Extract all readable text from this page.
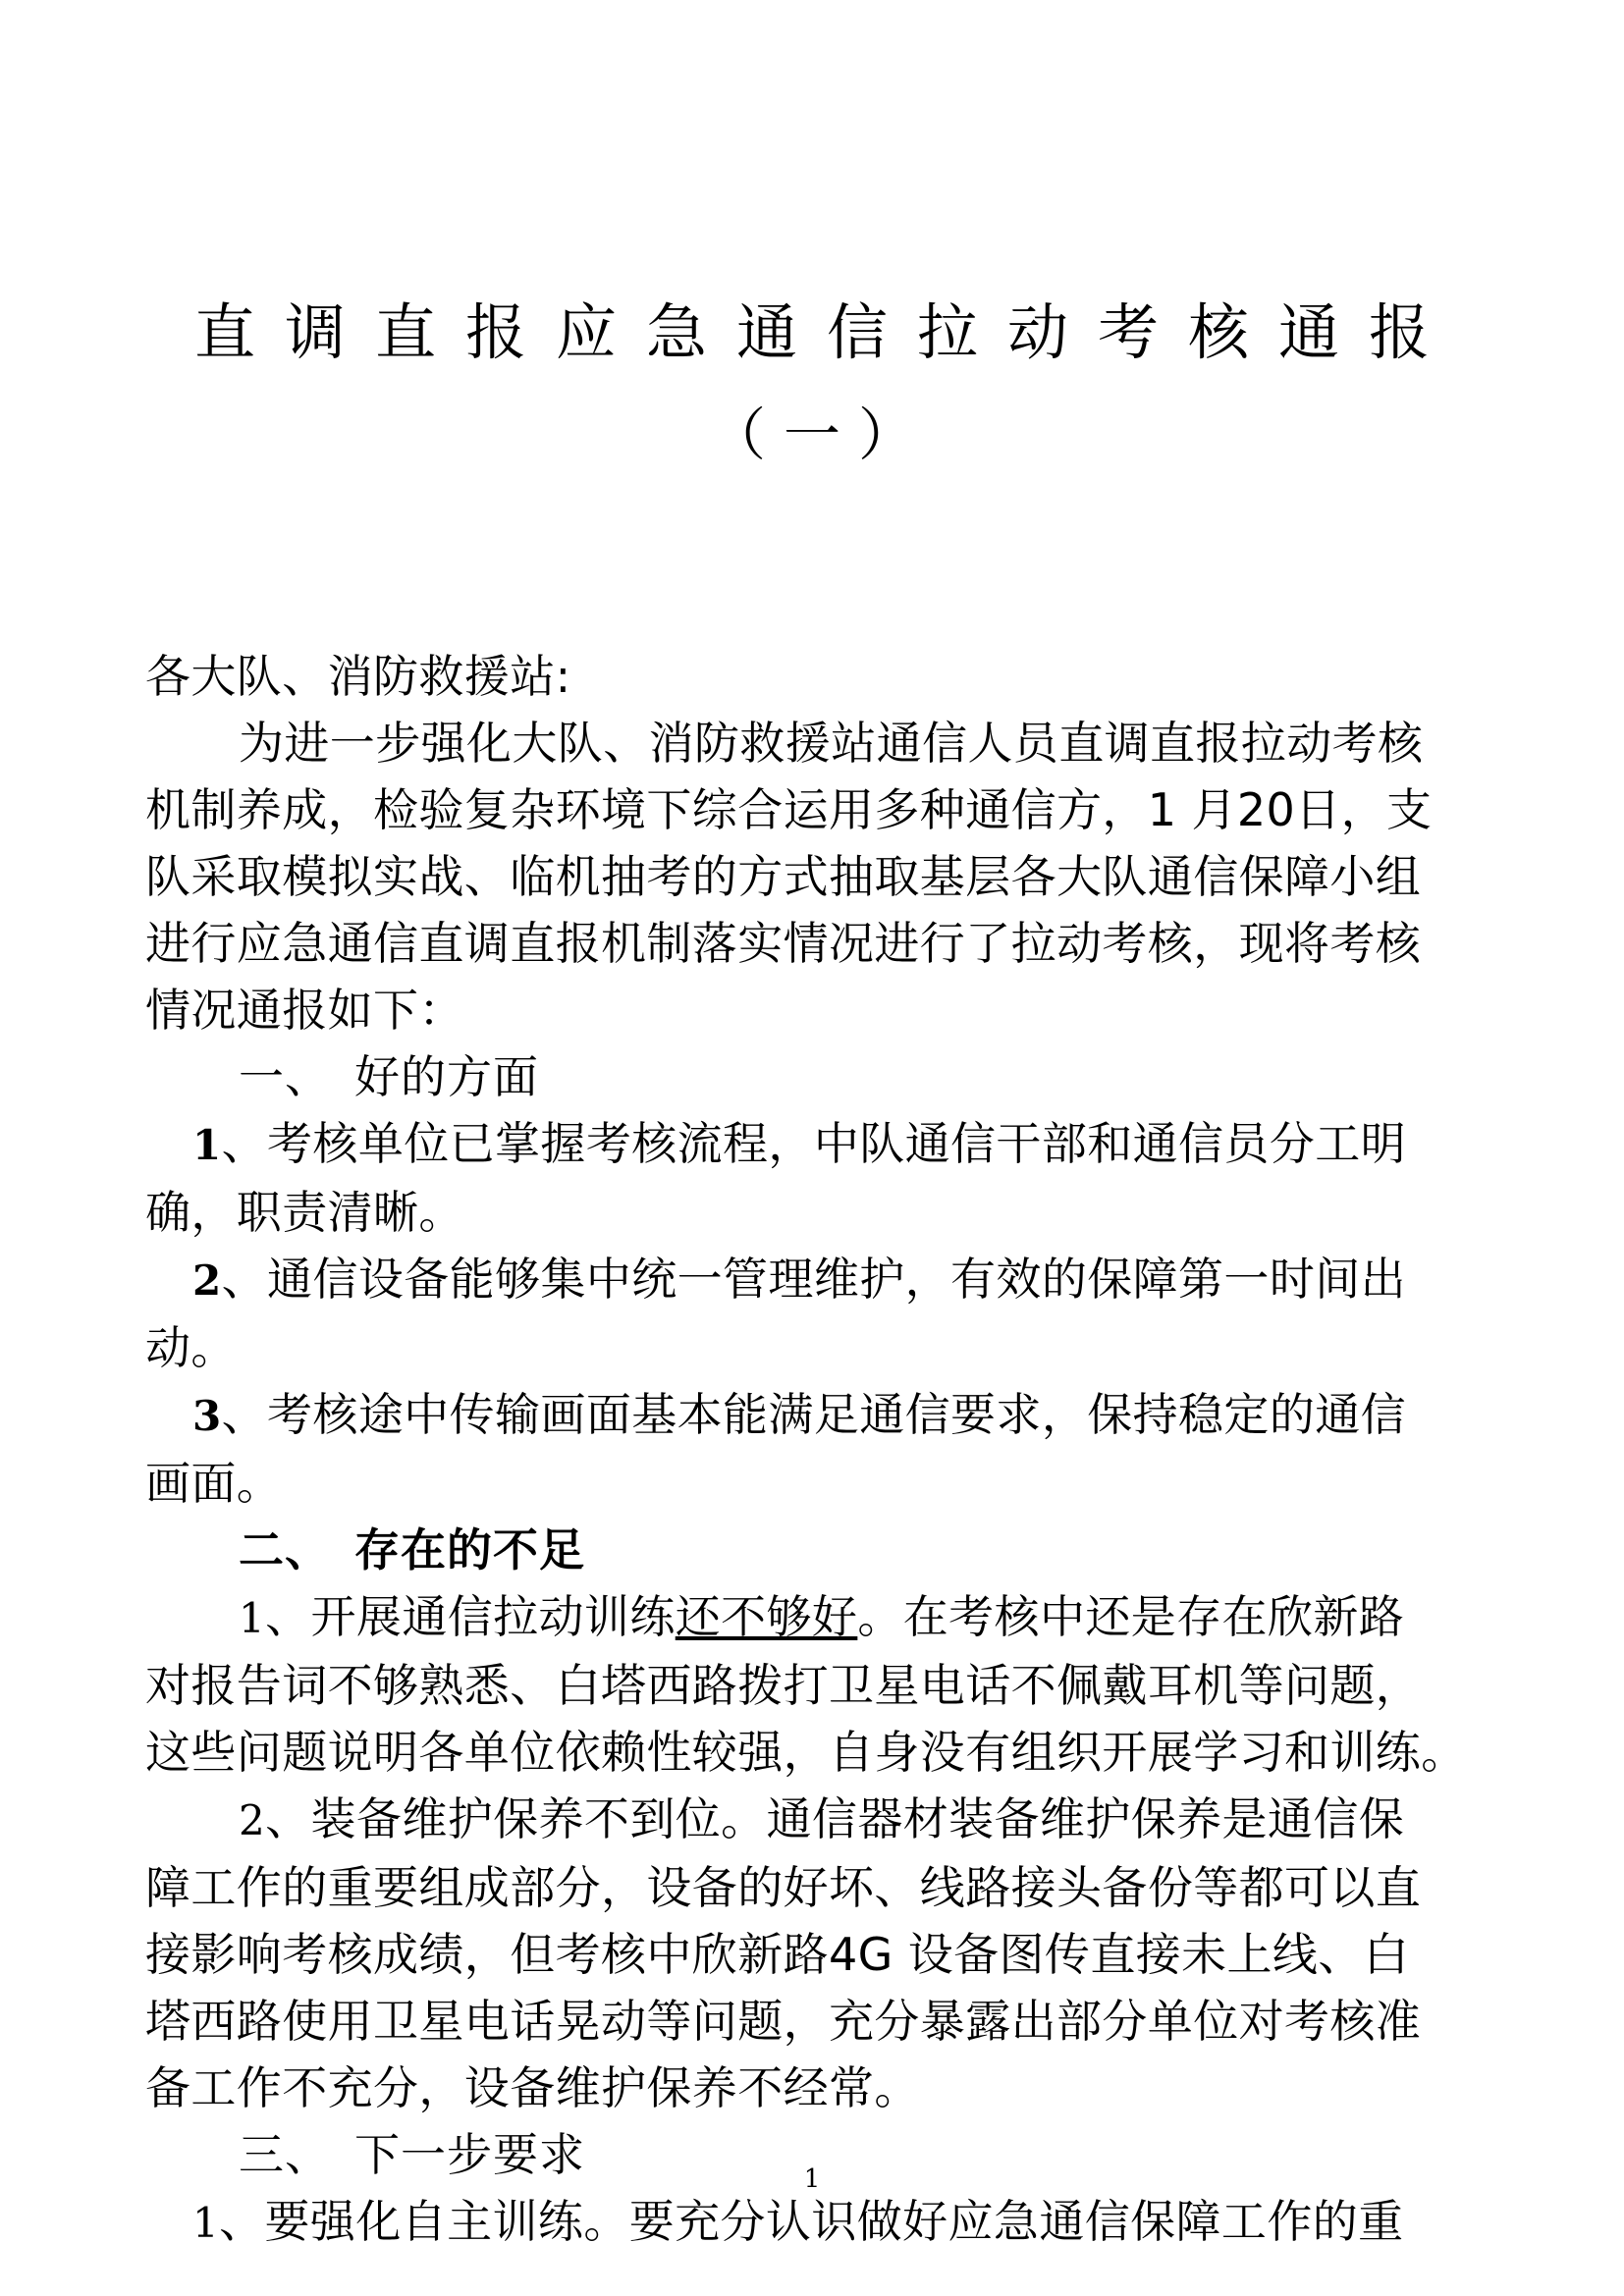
直调直报应急通信拉动考核通报
（一）
各大队、消防救援站:
为进一步强化大队、消防救援站通信人员直调直报拉动考核
机制养成，检验复杂环境下综合运用多种通信方，1 月20日，支
队采取模拟实战、临机抽考的方式抽取基层各大队通信保障小组
进行应急通信直调直报机制落实情况进行了拉动考核，现将考核
情况通报如下：
一、　好的方面
1、考核单位已掌握考核流程，中队通信干部和通信员分工明
确，职责清晰。
2、通信设备能够集中统一管理维护，有效的保障第一时间出
动。
3、考核途中传输画面基本能满足通信要求，保持稳定的通信
画面。
二、　存在的不足
1、开展通信拉动训练还不够好。在考核中还是存在欣新路
对报告词不够熟悉、白塔西路拨打卫星电话不佩戴耳机等问题，
这些问题说明各单位依赖性较强，自身没有组织开展学习和训练。
2、装备维护保养不到位。通信器材装备维护保养是通信保
障工作的重要组成部分，设备的好坏、线路接头备份等都可以直
接影响考核成绩，但考核中欣新路4G 设备图传直接未上线、白
塔西路使用卫星电话晃动等问题，充分暴露出部分单位对考核准
备工作不充分，设备维护保养不经常。
三、　下一步要求
1、要强化自主训练。要充分认识做好应急通信保障工作的重
1
